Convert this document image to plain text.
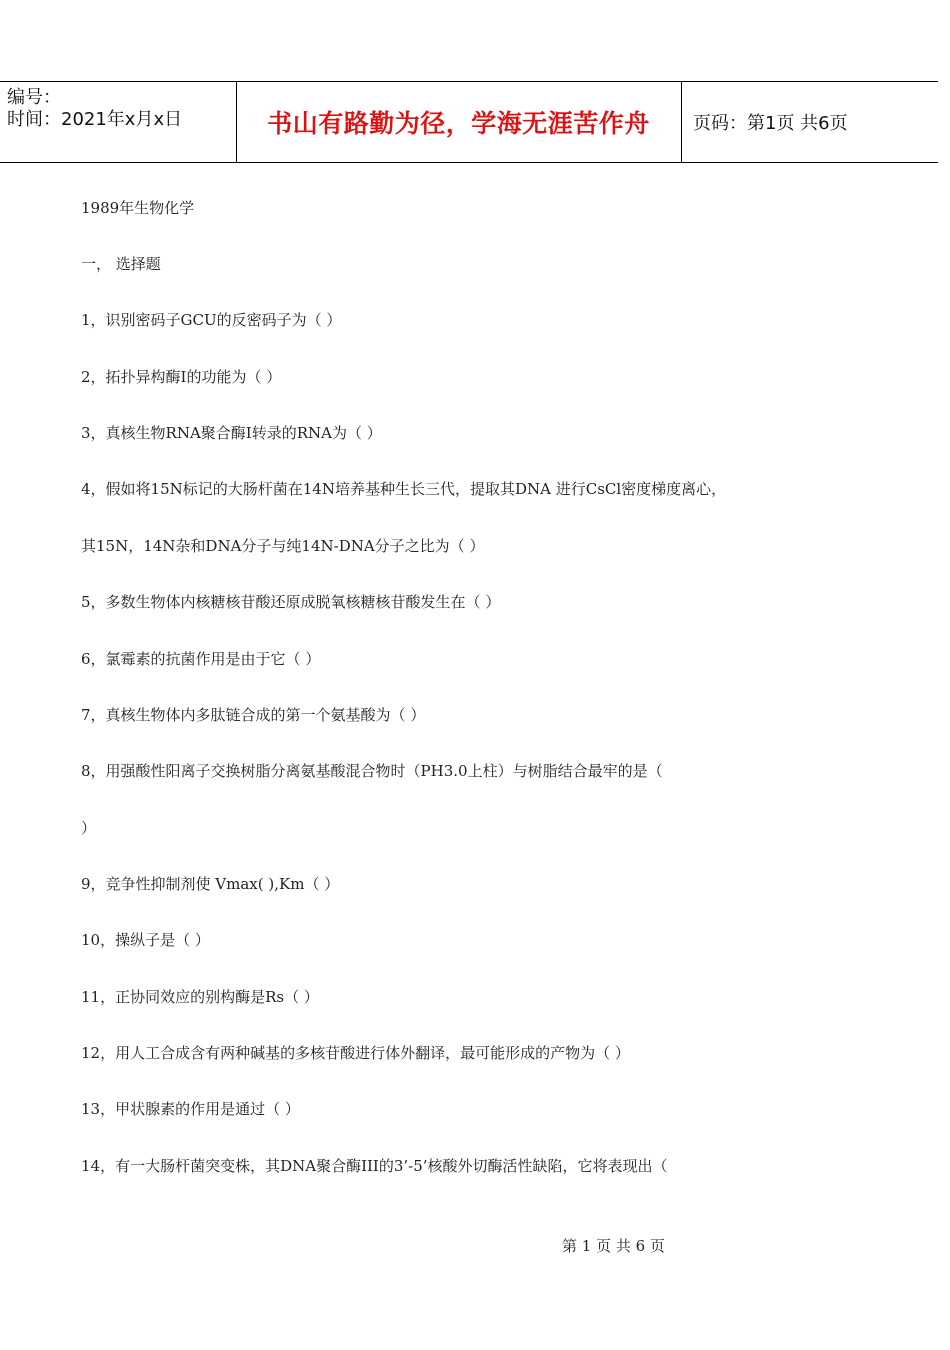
编号：
时间：2021年x月x日	书山有路勤为径，学海无涯苦作舟 页码：第1页 共6页
1989年生物化学
一， 选择题
1，识别密码子GCU的反密码子为（ ）
2，拓扑异构酶I的功能为（ ）
3，真核生物RNA聚合酶I转录的RNA为（ ）
4，假如将15N标记的大肠杆菌在14N培养基种生长三代，提取其DNA 进行CsCl密度梯度离心，
其15N，14N杂和DNA分子与纯14N-DNA分子之比为（ ）
5，多数生物体内核糖核苷酸还原成脱氧核糖核苷酸发生在（ ）
6，氯霉素的抗菌作用是由于它（ ）
7，真核生物体内多肽链合成的第一个氨基酸为（ ）
8，用强酸性阳离子交换树脂分离氨基酸混合物时（PH3.0上柱）与树脂结合最牢的是（
）
9，竞争性抑制剂使 Vmax( ),Km（ ）
10，操纵子是（ ）
11，正协同效应的别构酶是Rs（ ）
12，用人工合成含有两种碱基的多核苷酸进行体外翻译，最可能形成的产物为（ ）
13，甲状腺素的作用是通过（ ）
14，有一大肠杆菌突变株，其DNA聚合酶III的3’-5’核酸外切酶活性缺陷，它将表现出（
第 1 页 共 6 页
